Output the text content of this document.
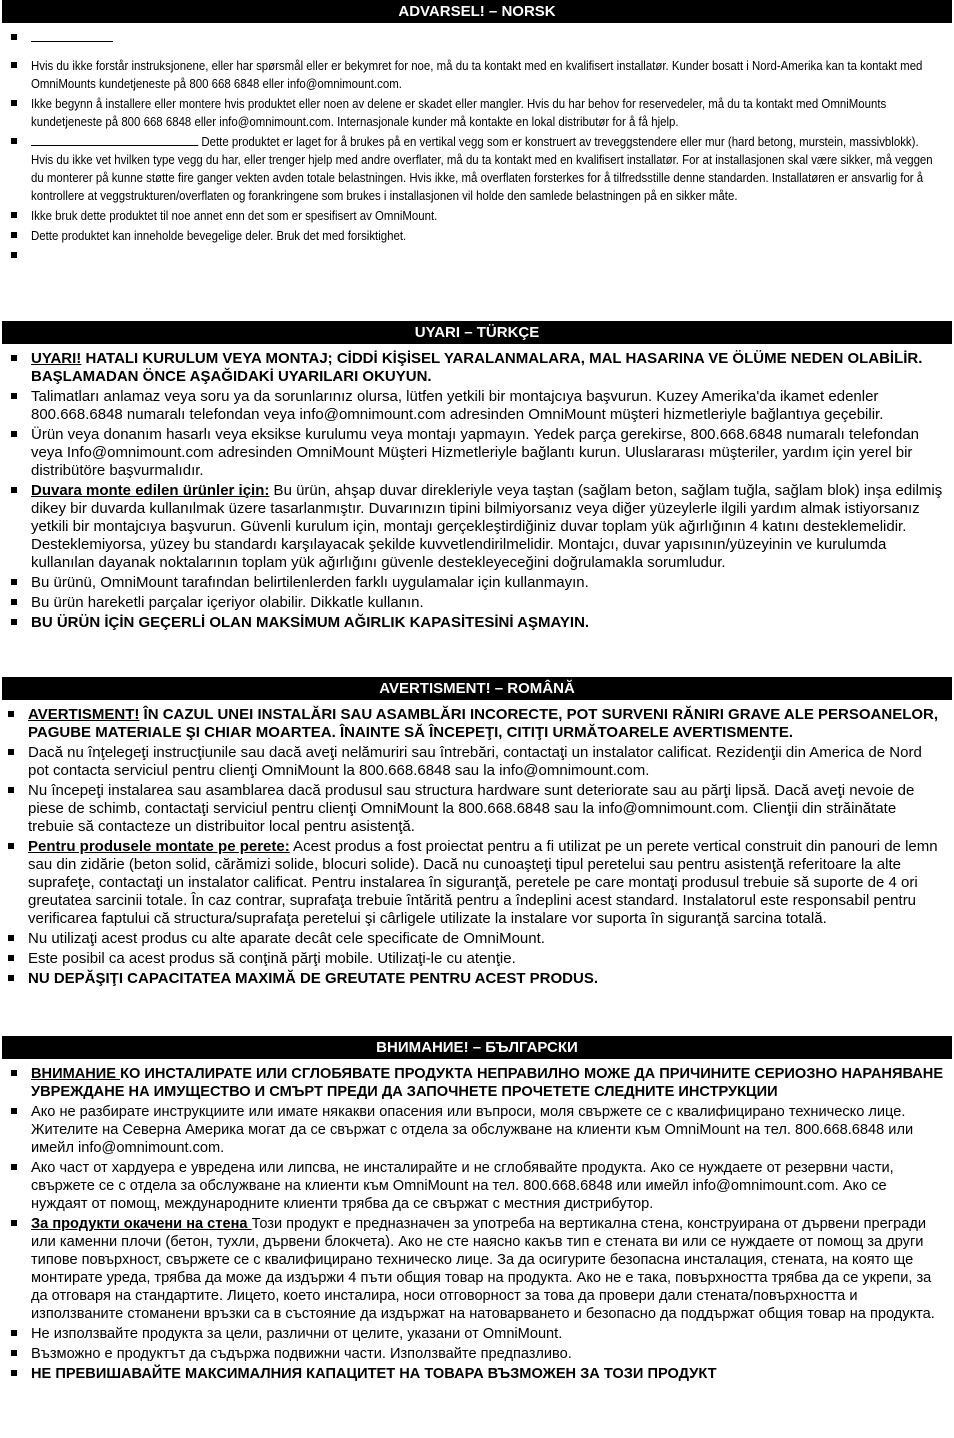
ADVARSEL! – NORSK
Hvis du ikke forstår instruksjonene, eller har spørsmål eller er bekymret for noe, må du ta kontakt med en kvalifisert installatør. Kunder bosatt i Nord-Amerika kan ta kontakt med OmniMounts kundetjeneste på 800 668 6848 eller info@omnimount.com.
Ikke begynn å installere eller montere hvis produktet eller noen av delene er skadet eller mangler. Hvis du har behov for reservedeler, må du ta kontakt med OmniMounts kundetjeneste på 800 668 6848 eller info@omnimount.com. Internasjonale kunder må kontakte en lokal distributør for å få hjelp.
Dette produktet er laget for å brukes på en vertikal vegg som er konstruert av treveggstendere eller mur (hard betong, murstein, massivblokk). Hvis du ikke vet hvilken type vegg du har, eller trenger hjelp med andre overflater, må du ta kontakt med en kvalifisert installatør. For at installasjonen skal være sikker, må veggen du monterer på kunne støtte fire ganger vekten avden totale belastningen. Hvis ikke, må overflaten forsterkes for å tilfredsstille denne standarden. Installatøren er ansvarlig for å kontrollere at veggstrukturen/overflaten og forankringene som brukes i installasjonen vil holde den samlede belastningen på en sikker måte.
Ikke bruk dette produktet til noe annet enn det som er spesifisert av OmniMount.
Dette produktet kan inneholde bevegelige deler. Bruk det med forsiktighet.
UYARI – TÜRKÇE
UYARI! HATALI KURULUM VEYA MONTAJ; CİDDİ KİŞİSEL YARALANMALARA, MAL HASARINA VE ÖLÜME NEDEN OLABİLİR. BAŞLAMADAN ÖNCE AŞAĞIDAKİ UYARILARI OKUYUN.
Talimatları anlamaz veya soru ya da sorunlarınız olursa, lütfen yetkili bir montajcıya başvurun. Kuzey Amerika'da ikamet edenler 800.668.6848 numaralı telefondan veya info@omnimount.com adresinden OmniMount müşteri hizmetleriyle bağlantıya geçebilir.
Ürün veya donanım hasarlı veya eksikse kurulumu veya montajı yapmayın. Yedek parça gerekirse, 800.668.6848 numaralı telefondan veya Info@omnimount.com adresinden OmniMount Müşteri Hizmetleriyle bağlantı kurun. Uluslararası müşteriler, yardım için yerel bir distribütöre başvurmalıdır.
Duvara monte edilen ürünler için: Bu ürün, ahşap duvar direkleriyle veya taştan (sağlam beton, sağlam tuğla, sağlam blok) inşa edilmiş dikey bir duvarda kullanılmak üzere tasarlanmıştır. Duvarınızın tipini bilmiyorsanız veya diğer yüzeylerle ilgili yardım almak istiyorsanız yetkili bir montajcıya başvurun. Güvenli kurulum için, montajı gerçekleştirdiğiniz duvar toplam yük ağırlığının 4 katını desteklemelidir. Desteklemiyorsa, yüzey bu standardı karşılayacak şekilde kuvvetlendirilmelidir. Montajcı, duvar yapısının/yüzeyinin ve kurulumda kullanılan dayanak noktalarının toplam yük ağırlığını güvenle destekleyeceğini doğrulamakla sorumludur.
Bu ürünü, OmniMount tarafından belirtilenlerden farklı uygulamalar için kullanmayın.
Bu ürün hareketli parçalar içeriyor olabilir. Dikkatle kullanın.
BU ÜRÜN İÇİN GEÇERLİ OLAN MAKSİMUM AĞIRLIK KAPASİTESİNİ AŞMAYIN.
AVERTISMENT! – ROMÂNĂ
AVERTISMENT! ÎN CAZUL UNEI INSTALĂRI SAU ASAMBLĂRI INCORECTE, POT SURVENI RĂNIRI GRAVE ALE PERSOANELOR, PAGUBE MATERIALE ŞI CHIAR MOARTEA. ÎNAINTE SĂ ÎNCEPEŢI, CITIŢI URMĂTOARELE AVERTISMENTE.
Dacă nu înţelegeţi instrucţiunile sau dacă aveţi nelămuriri sau întrebări, contactaţi un instalator calificat. Rezidenţii din America de Nord pot contacta serviciul pentru clienţi OmniMount la 800.668.6848 sau la info@omnimount.com.
Nu începeţi instalarea sau asamblarea dacă produsul sau structura hardware sunt deteriorate sau au părţi lipsă. Dacă aveţi nevoie de piese de schimb, contactaţi serviciul pentru clienţi OmniMount la 800.668.6848 sau la info@omnimount.com. Clienţii din străinătate trebuie să contacteze un distribuitor local pentru asistenţă.
Pentru produsele montate pe perete: Acest produs a fost proiectat pentru a fi utilizat pe un perete vertical construit din panouri de lemn sau din zidărie (beton solid, cărămizi solide, blocuri solide). Dacă nu cunoaşteţi tipul peretelui sau pentru asistenţă referitoare la alte suprafeţe, contactaţi un instalator calificat. Pentru instalarea în siguranţă, peretele pe care montaţi produsul trebuie să suporte de 4 ori greutatea sarcinii totale. În caz contrar, suprafaţa trebuie întărită pentru a îndeplini acest standard. Instalatorul este responsabil pentru verificarea faptului că structura/suprafaţa peretelui şi cârligele utilizate la instalare vor suporta în siguranţă sarcina totală.
Nu utilizaţi acest produs cu alte aparate decât cele specificate de OmniMount.
Este posibil ca acest produs să conţină părţi mobile. Utilizaţi-le cu atenţie.
NU DEPĂŞIŢI CAPACITATEA MAXIMĂ DE GREUTATE PENTRU ACEST PRODUS.
ВНИМАНИЕ! – БЪЛГАРСКИ
ВНИМАНИЕ КО ИНСТАЛИРАТЕ ИЛИ СГЛОБЯВАТЕ ПРОДУКТА НЕПРАВИЛНО МОЖЕ ДА ПРИЧИНИТЕ СЕРИОЗНО НАРАНЯВАНЕ УВРЕЖДАНЕ НА ИМУЩЕСТВО И СМЪРТ ПРЕДИ ДА ЗАПОЧНЕТЕ ПРОЧЕТЕТЕ СЛЕДНИТЕ ИНСТРУКЦИИ
Ако не разбирате инструкциите или имате някакви опасения или въпроси, моля свържете се с квалифицирано техническо лице. Жителите на Северна Америка могат да се свържат с отдела за обслужване на клиенти към OmniMount на тел. 800.668.6848 или имейл info@omnimount.com.
Ако част от хардуера е увредена или липсва, не инсталирайте и не сглобявайте продукта. Ако се нуждаете от резервни части, свържете се с отдела за обслужване на клиенти към OmniMount на тел. 800.668.6848 или имейл info@omnimount.com. Ако се нуждаят от помощ, международните клиенти трябва да се свържат с местния дистрибутор.
За продукти окачени на стена Този продукт е предназначен за употреба на вертикална стена, конструирана от дървени прегради или каменни плочи (бетон, тухли, дървени блокчета). Ако не сте наясно какъв тип е стената ви или се нуждаете от помощ за други типове повърхност, свържете се с квалифицирано техническо лице. За да осигурите безопасна инсталация, стената, на която ще монтирате уреда, трябва да може да издържи 4 пъти общия товар на продукта. Ако не е така, повърхността трябва да се укрепи, за да отговаря на стандартите. Лицето, което инсталира, носи отговорност за това да провери дали стената/повърхността и използваните стоманени връзки са в състояние да издържат на натоварването и безопасно да поддържат общия товар на продукта.
Не използвайте продукта за цели, различни от целите, указани от OmniMount.
Възможно е продуктът да съдържа подвижни части. Използвайте предпазливо.
НЕ ПРЕВИШАВАЙТЕ МАКСИМАЛНИЯ КАПАЦИТЕТ НА ТОВАРА ВЪЗМОЖЕН ЗА ТОЗИ ПРОДУКТ
